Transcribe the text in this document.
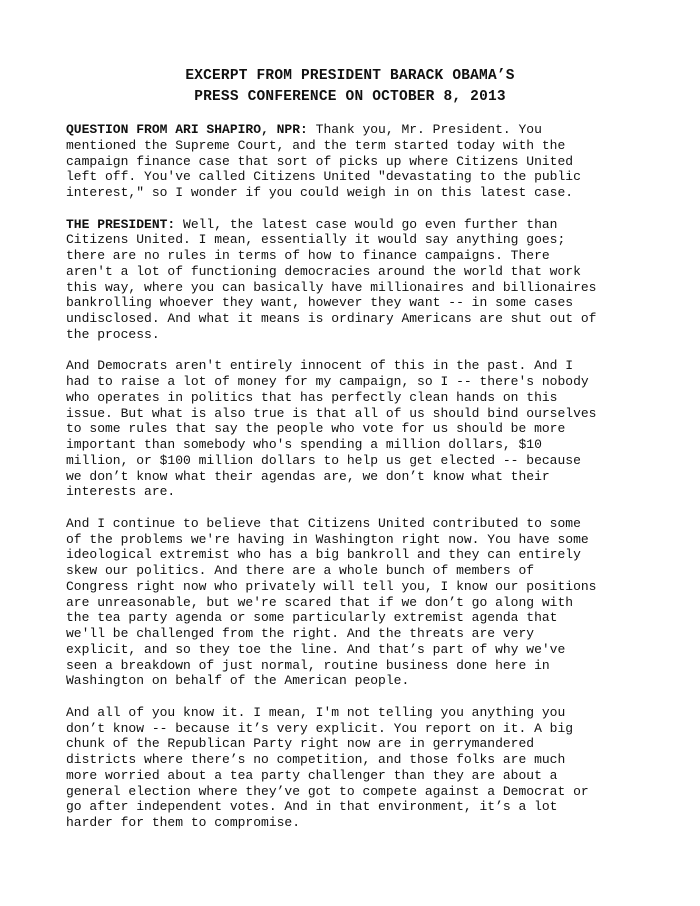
EXCERPT FROM PRESIDENT BARACK OBAMA’S
PRESS CONFERENCE ON OCTOBER 8, 2013
QUESTION FROM ARI SHAPIRO, NPR: Thank you, Mr. President. You
mentioned the Supreme Court, and the term started today with the
campaign finance case that sort of picks up where Citizens United
left off. You've called Citizens United "devastating to the public
interest," so I wonder if you could weigh in on this latest case.
THE PRESIDENT: Well, the latest case would go even further than
Citizens United. I mean, essentially it would say anything goes;
there are no rules in terms of how to finance campaigns. There
aren't a lot of functioning democracies around the world that work
this way, where you can basically have millionaires and billionaires
bankrolling whoever they want, however they want -- in some cases
undisclosed. And what it means is ordinary Americans are shut out of
the process.
And Democrats aren't entirely innocent of this in the past. And I
had to raise a lot of money for my campaign, so I -- there's nobody
who operates in politics that has perfectly clean hands on this
issue. But what is also true is that all of us should bind ourselves
to some rules that say the people who vote for us should be more
important than somebody who's spending a million dollars, $10
million, or $100 million dollars to help us get elected -- because
we don’t know what their agendas are, we don’t know what their
interests are.
And I continue to believe that Citizens United contributed to some
of the problems we're having in Washington right now. You have some
ideological extremist who has a big bankroll and they can entirely
skew our politics. And there are a whole bunch of members of
Congress right now who privately will tell you, I know our positions
are unreasonable, but we're scared that if we don’t go along with
the tea party agenda or some particularly extremist agenda that
we'll be challenged from the right. And the threats are very
explicit, and so they toe the line. And that’s part of why we've
seen a breakdown of just normal, routine business done here in
Washington on behalf of the American people.
And all of you know it. I mean, I'm not telling you anything you
don’t know -- because it’s very explicit. You report on it. A big
chunk of the Republican Party right now are in gerrymandered
districts where there’s no competition, and those folks are much
more worried about a tea party challenger than they are about a
general election where they’ve got to compete against a Democrat or
go after independent votes. And in that environment, it’s a lot
harder for them to compromise.
